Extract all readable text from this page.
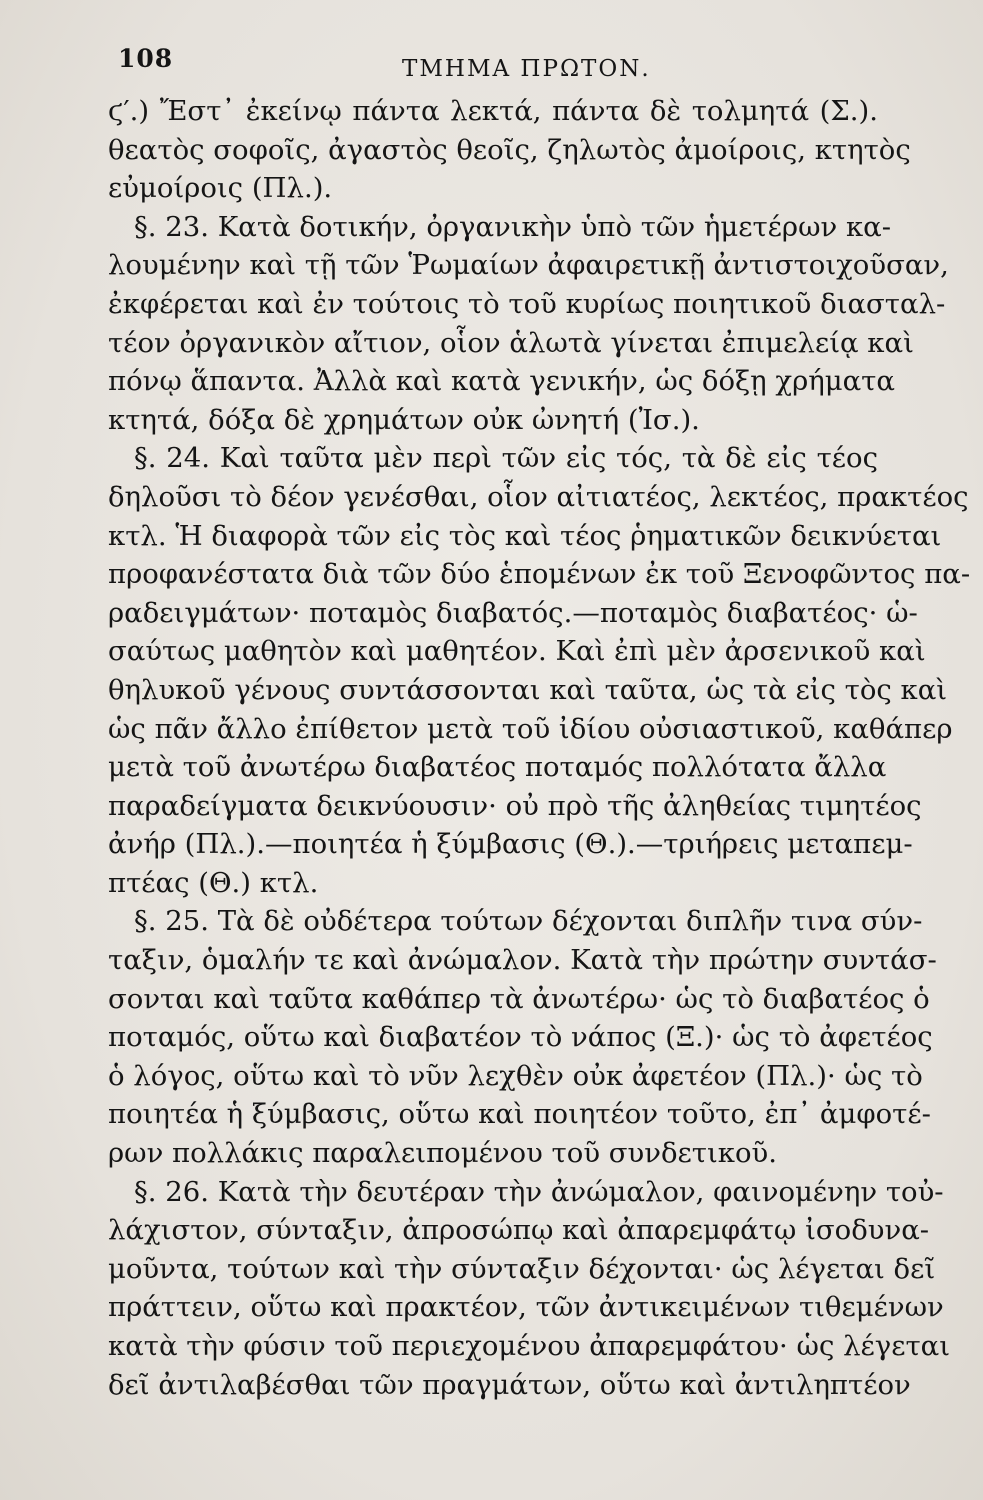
108	ΤΜΗΜΑ ΠΡΩΤΟΝ.
ϛ′.) Ἔστ᾽ ἐκείνῳ πάντα λεκτά, πάντα δὲ τολμητά (Σ.).
θεατὸς σοφοῖς, ἀγαστὸς θεοῖς, ζηλωτὸς ἀμοίροις, κτητὸς
εὐμοίροις (Πλ.).
§. 23. Κατὰ δοτικήν, ὀργανικὴν ὑπὸ τῶν ἡμετέρων κα-
λουμένην καὶ τῇ τῶν Ῥωμαίων ἀφαιρετικῇ ἀντιστοιχοῦσαν,
ἐκφέρεται καὶ ἐν τούτοις τὸ τοῦ κυρίως ποιητικοῦ διασταλ-
τέον ὀργανικὸν αἴτιον, οἷον ἁλωτὰ γίνεται ἐπιμελείᾳ καὶ
πόνῳ ἅπαντα. Ἀλλὰ καὶ κατὰ γενικήν, ὡς δόξῃ χρήματα
κτητά, δόξα δὲ χρημάτων οὐκ ὠνητή (Ἰσ.).
§. 24. Καὶ ταῦτα μὲν περὶ τῶν εἰς τός, τὰ δὲ εἰς τέος
δηλοῦσι τὸ δέον γενέσθαι, οἷον αἰτιατέος, λεκτέος, πρακτέος
κτλ. Ἡ διαφορὰ τῶν εἰς τὸς καὶ τέος ῥηματικῶν δεικνύεται
προφανέστατα διὰ τῶν δύο ἑπομένων ἐκ τοῦ Ξενοφῶντος πα-
ραδειγμάτων· ποταμὸς διαβατός.—ποταμὸς διαβατέος· ὡ-
σαύτως μαθητὸν καὶ μαθητέον. Καὶ ἐπὶ μὲν ἀρσενικοῦ καὶ
θηλυκοῦ γένους συντάσσονται καὶ ταῦτα, ὡς τὰ εἰς τὸς καὶ
ὡς πᾶν ἄλλο ἐπίθετον μετὰ τοῦ ἰδίου οὐσιαστικοῦ, καθάπερ
μετὰ τοῦ ἀνωτέρω διαβατέος ποταμός πολλότατα ἄλλα
παραδείγματα δεικνύουσιν· οὐ πρὸ τῆς ἀληθείας τιμητέος
ἀνήρ (Πλ.).—ποιητέα ἡ ξύμβασις (Θ.).—τριήρεις μεταπεμ-
πτέας (Θ.) κτλ.
§. 25. Τὰ δὲ οὐδέτερα τούτων δέχονται διπλῆν τινα σύν-
ταξιν, ὁμαλήν τε καὶ ἀνώμαλον. Κατὰ τὴν πρώτην συντάσ-
σονται καὶ ταῦτα καθάπερ τὰ ἀνωτέρω· ὡς τὸ διαβατέος ὁ
ποταμός, οὕτω καὶ διαβατέον τὸ νάπος (Ξ.)· ὡς τὸ ἀφετέος
ὁ λόγος, οὕτω καὶ τὸ νῦν λεχθὲν οὐκ ἀφετέον (Πλ.)· ὡς τὸ
ποιητέα ἡ ξύμβασις, οὕτω καὶ ποιητέον τοῦτο, ἐπ᾽ ἀμφοτέ-
ρων πολλάκις παραλειπομένου τοῦ συνδετικοῦ.
§. 26. Κατὰ τὴν δευτέραν τὴν ἀνώμαλον, φαινομένην τοὐ-
λάχιστον, σύνταξιν, ἀπροσώπῳ καὶ ἀπαρεμφάτῳ ἰσοδυνα-
μοῦντα, τούτων καὶ τὴν σύνταξιν δέχονται· ὡς λέγεται δεῖ
πράττειν, οὕτω καὶ πρακτέον, τῶν ἀντικειμένων τιθεμένων
κατὰ τὴν φύσιν τοῦ περιεχομένου ἀπαρεμφάτου· ὡς λέγεται
δεῖ ἀντιλαβέσθαι τῶν πραγμάτων, οὕτω καὶ ἀντιληπτέον
